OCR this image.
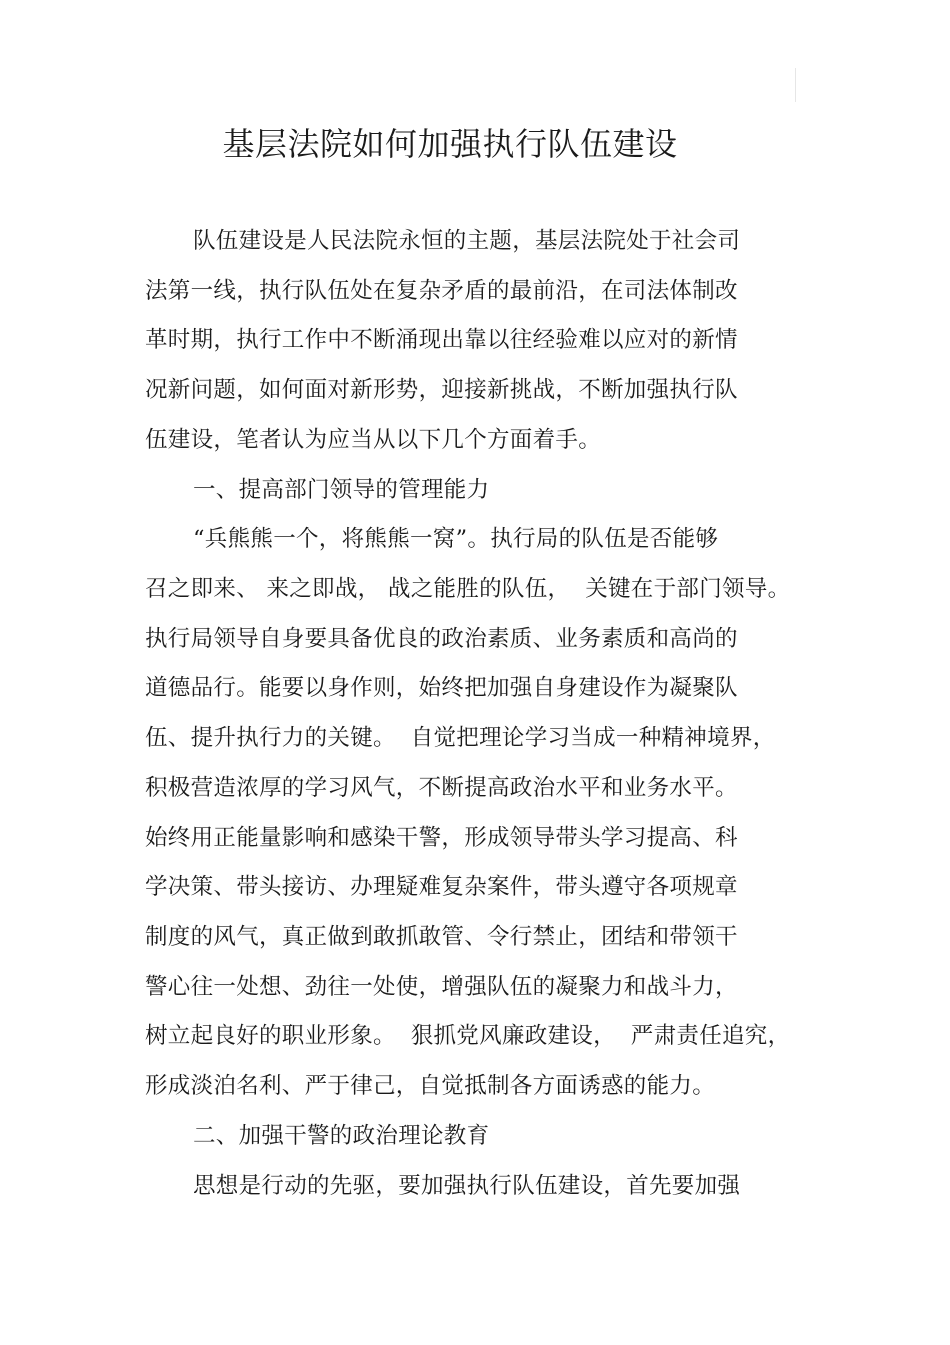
基层法院如何加强执行队伍建设
队伍建设是人民法院永恒的主题，基层法院处于社会司
法第一线，执行队伍处在复杂矛盾的最前沿，在司法体制改
革时期，执行工作中不断涌现出靠以往经验难以应对的新情
况新问题，如何面对新形势，迎接新挑战，不断加强执行队
伍建设，笔者认为应当从以下几个方面着手。
一、提高部门领导的管理能力
“兵熊熊一个，将熊熊一窝”。执行局的队伍是否能够
召之即来、 来之即战， 战之能胜的队伍，  关键在于部门领导。
执行局领导自身要具备优良的政治素质、业务素质和高尚的
道德品行。能要以身作则，始终把加强自身建设作为凝聚队
伍、提升执行力的关键。  自觉把理论学习当成一种精神境界，
积极营造浓厚的学习风气，不断提高政治水平和业务水平。
始终用正能量影响和感染干警，形成领导带头学习提高、科
学决策、带头接访、办理疑难复杂案件，带头遵守各项规章
制度的风气，真正做到敢抓敢管、令行禁止，团结和带领干
警心往一处想、劲往一处使，增强队伍的凝聚力和战斗力，
树立起良好的职业形象。  狠抓党风廉政建设，  严肃责任追究，
形成淡泊名利、严于律己，自觉抵制各方面诱惑的能力。
二、加强干警的政治理论教育
思想是行动的先驱，要加强执行队伍建设，首先要加强
